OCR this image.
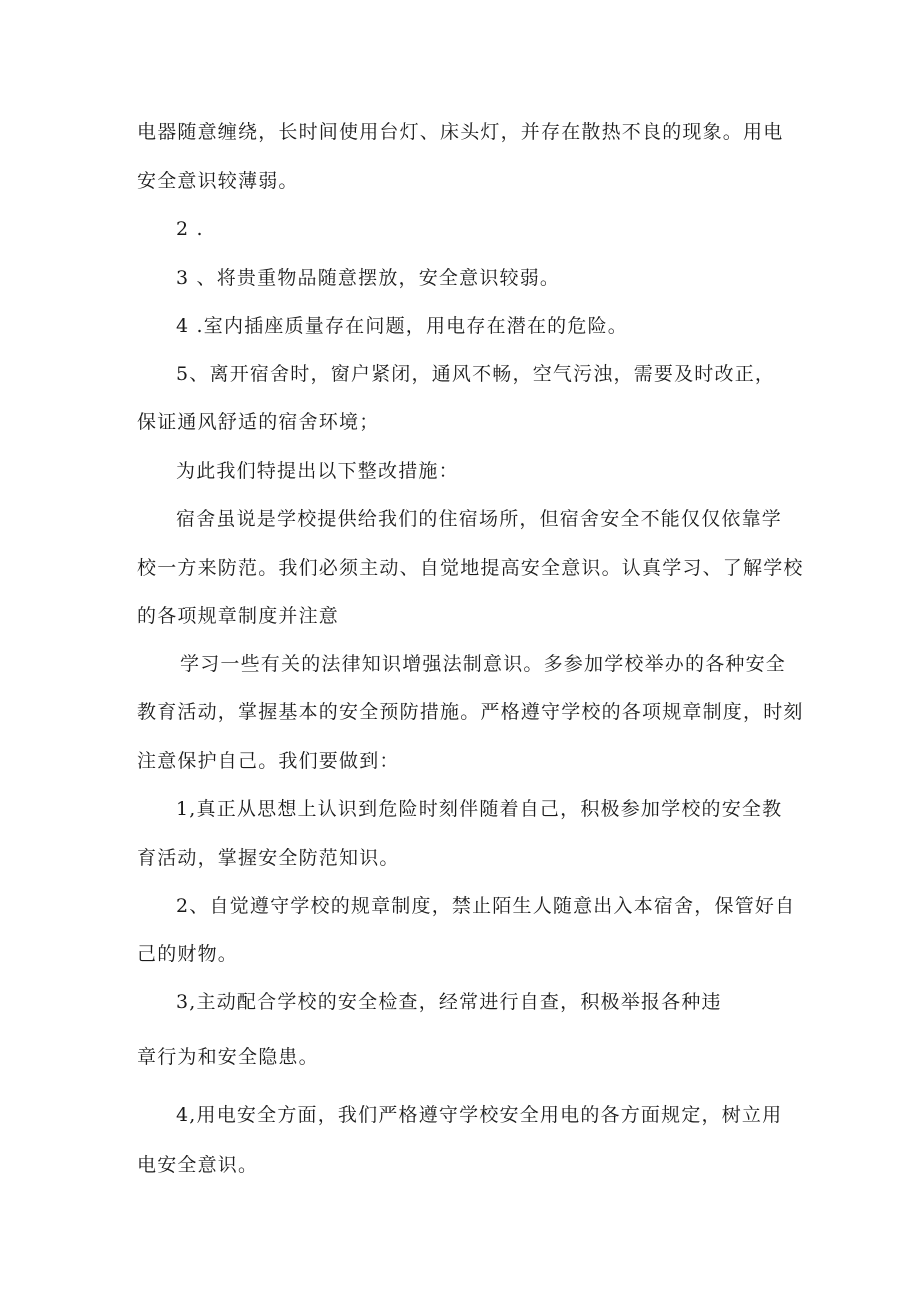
电器随意缠绕，长时间使用台灯、床头灯，并存在散热不良的现象。用电

安全意识较薄弱。

2 .

3 、将贵重物品随意摆放，安全意识较弱。

4 .室内插座质量存在问题，用电存在潜在的危险。

5、离开宿舍时，窗户紧闭，通风不畅，空气污浊，需要及时改正，

保证通风舒适的宿舍环境；

为此我们特提出以下整改措施：

宿舍虽说是学校提供给我们的住宿场所，但宿舍安全不能仅仅依靠学

校一方来防范。我们必须主动、自觉地提高安全意识。认真学习、了解学校

的各项规章制度并注意

学习一些有关的法律知识增强法制意识。多参加学校举办的各种安全

教育活动，掌握基本的安全预防措施。严格遵守学校的各项规章制度，时刻

注意保护自己。我们要做到：

1,真正从思想上认识到危险时刻伴随着自己，积极参加学校的安全教

育活动，掌握安全防范知识。

2、自觉遵守学校的规章制度，禁止陌生人随意出入本宿舍，保管好自

己的财物。

3,主动配合学校的安全检查，经常进行自查，积极举报各种违

章行为和安全隐患。

4,用电安全方面，我们严格遵守学校安全用电的各方面规定，树立用

电安全意识。
